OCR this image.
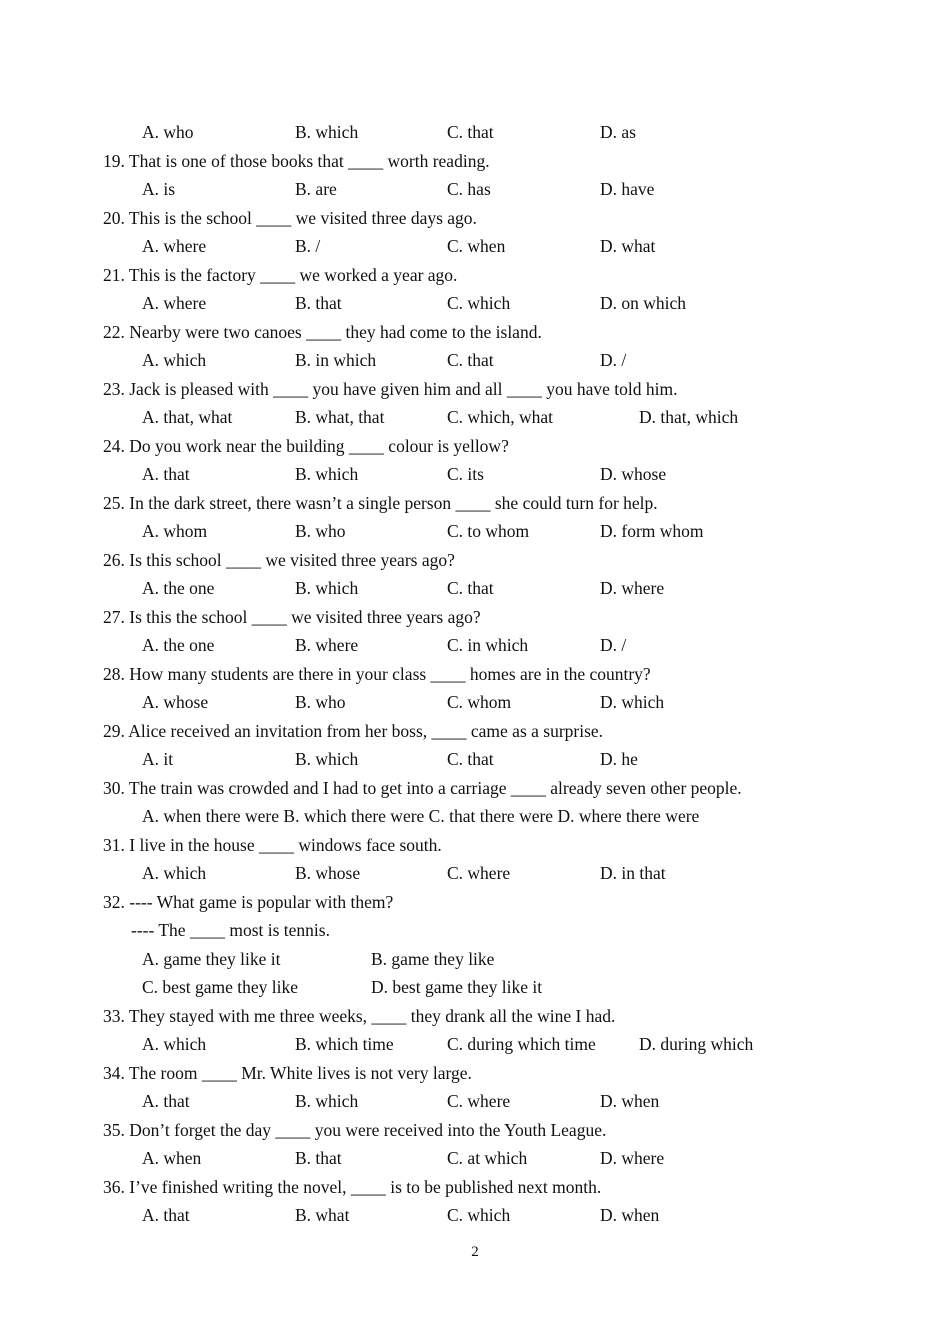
A. who	B. which	C. that	D. as
19. That is one of those books that ____ worth reading.
A. is	B. are	C. has	D. have
20. This is the school ____ we visited three days ago.
A. where	B. /	C. when	D. what
21. This is the factory ____ we worked a year ago.
A. where	B. that	C. which	D. on which
22. Nearby were two canoes ____ they had come to the island.
A. which	B. in which	C. that	D. /
23. Jack is pleased with ____ you have given him and all ____ you have told him.
A. that, what	B. what, that	C. which, what	D. that, which
24. Do you work near the building ____ colour is yellow?
A. that	B. which	C. its	D. whose
25. In the dark street, there wasn’t a single person ____ she could turn for help.
A. whom	B. who	C. to whom	D. form whom
26. Is this school ____ we visited three years ago?
A. the one	B. which	C. that	D. where
27. Is this the school ____ we visited three years ago?
A. the one	B. where	C. in which	D. /
28. How many students are there in your class ____ homes are in the country?
A. whose	B. who	C. whom	D. which
29. Alice received an invitation from her boss, ____ came as a surprise.
A. it	B. which	C. that	D. he
30. The train was crowded and I had to get into a carriage ____ already seven other people.
A. when there were B. which there were C. that there were D. where there were
31. I live in the house ____ windows face south.
A. which	B. whose	C. where	D. in that
32. ---- What game is popular with them?
---- The ____ most is tennis.
A. game they like it	B. game they like
C. best game they like	D. best game they like it
33. They stayed with me three weeks, ____ they drank all the wine I had.
A. which	B. which time	C. during which time D. during which
34. The room ____ Mr. White lives is not very large.
A. that	B. which	C. where	D. when
35. Don’t forget the day ____ you were received into the Youth League.
A. when	B. that	C. at which	D. where
36. I’ve finished writing the novel, ____ is to be published next month.
A. that	B. what	C. which	D. when
2
